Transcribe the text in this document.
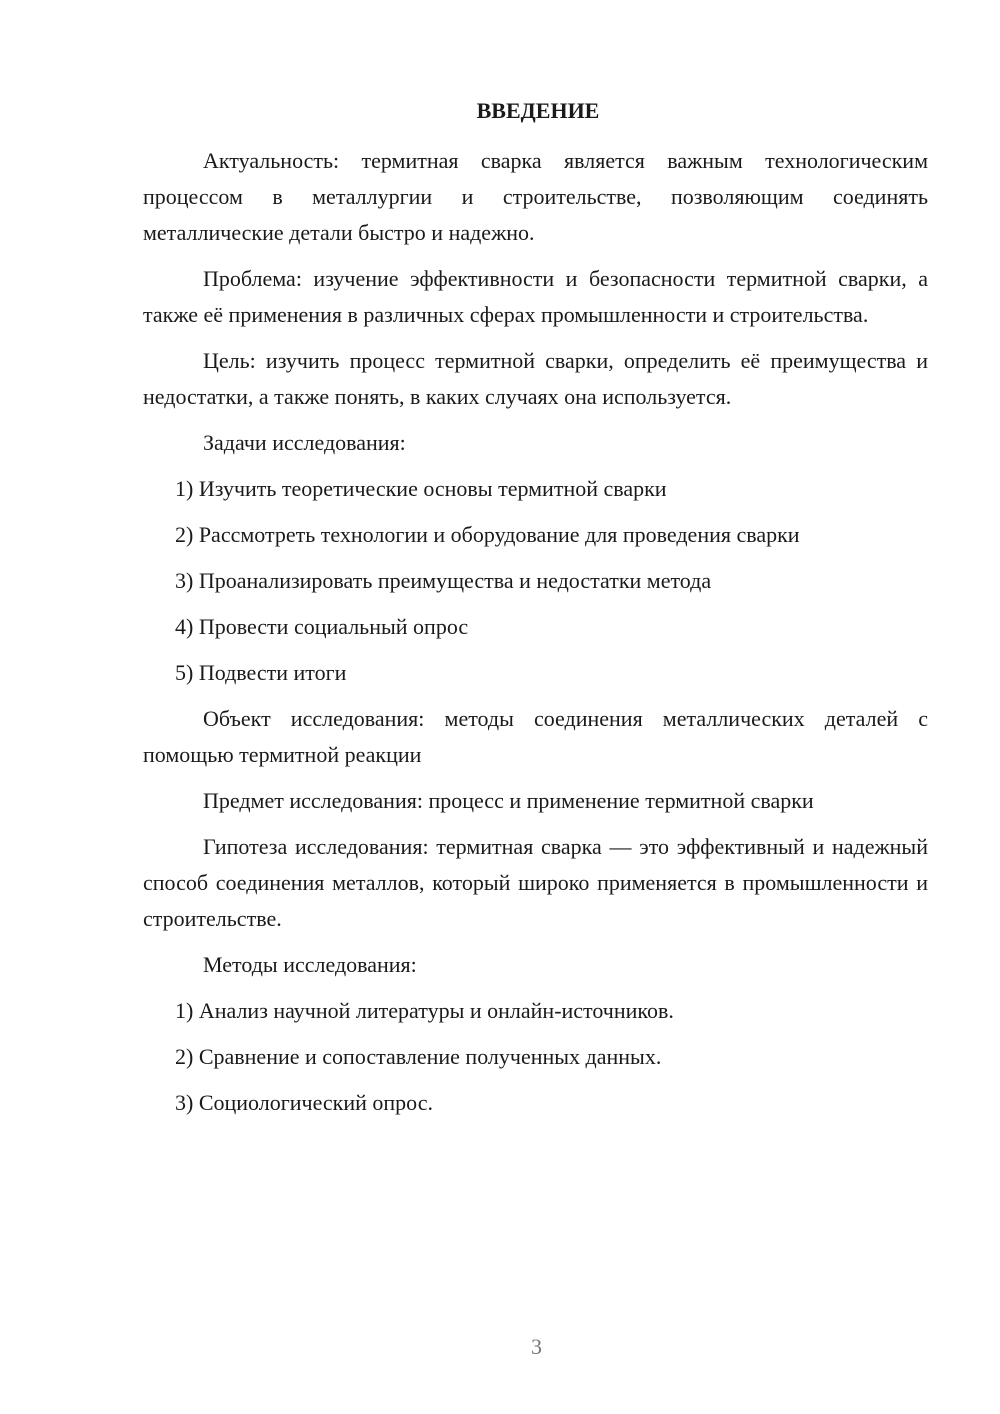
ВВЕДЕНИЕ

Актуальность: термитная сварка является важным технологическим процессом в металлургии и строительстве, позволяющим соединять металлические детали быстро и надежно.

Проблема: изучение эффективности и безопасности термитной сварки, а также её применения в различных сферах промышленности и строительства.

Цель: изучить процесс термитной сварки, определить её преимущества и недостатки, а также понять, в каких случаях она используется.

Задачи исследования:

1) Изучить теоретические основы термитной сварки

2) Рассмотреть технологии и оборудование для проведения сварки

3) Проанализировать преимущества и недостатки метода

4) Провести социальный опрос

5) Подвести итоги

Объект исследования: методы соединения металлических деталей с помощью термитной реакции

Предмет исследования: процесс и применение термитной сварки

Гипотеза исследования: термитная сварка — это эффективный и надежный способ соединения металлов, который широко применяется в промышленности и строительстве.

Методы исследования:

1) Анализ научной литературы и онлайн-источников.

2) Сравнение и сопоставление полученных данных.

3) Социологический опрос.

3
